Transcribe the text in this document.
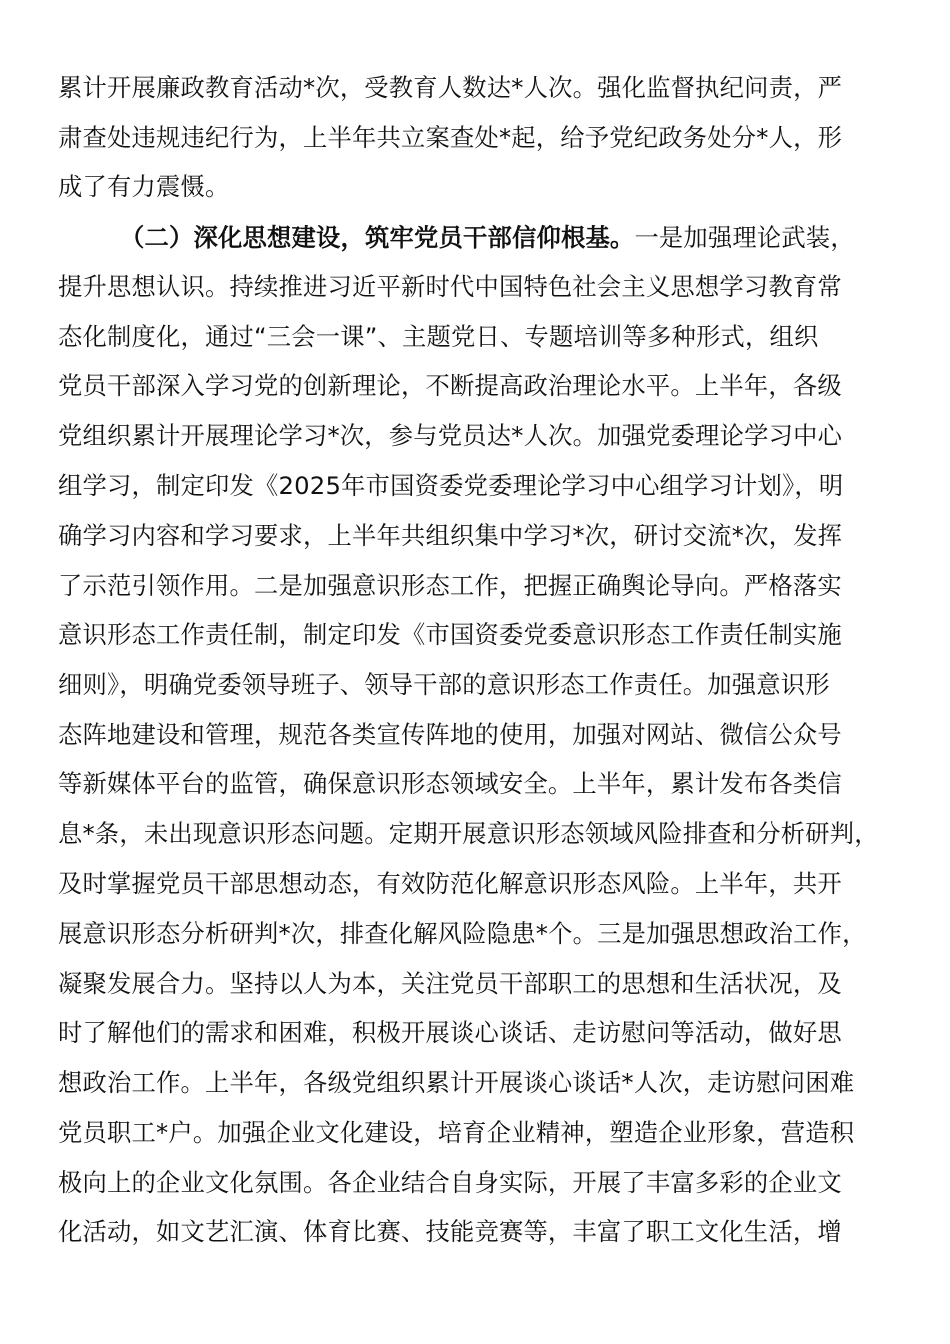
累计开展廉政教育活动*次，受教育人数达*人次。强化监督执纪问责，严
肃查处违规违纪行为，上半年共立案查处*起，给予党纪政务处分*人，形
成了有力震慑。
（二）深化思想建设，筑牢党员干部信仰根基。一是加强理论武装，
提升思想认识。持续推进习近平新时代中国特色社会主义思想学习教育常
态化制度化，通过“三会一课”、主题党日、专题培训等多种形式，组织
党员干部深入学习党的创新理论，不断提高政治理论水平。上半年，各级
党组织累计开展理论学习*次，参与党员达*人次。加强党委理论学习中心
组学习，制定印发《2025年市国资委党委理论学习中心组学习计划》，明
确学习内容和学习要求，上半年共组织集中学习*次，研讨交流*次，发挥
了示范引领作用。二是加强意识形态工作，把握正确舆论导向。严格落实
意识形态工作责任制，制定印发《市国资委党委意识形态工作责任制实施
细则》，明确党委领导班子、领导干部的意识形态工作责任。加强意识形
态阵地建设和管理，规范各类宣传阵地的使用，加强对网站、微信公众号
等新媒体平台的监管，确保意识形态领域安全。上半年，累计发布各类信
息*条，未出现意识形态问题。定期开展意识形态领域风险排查和分析研判，
及时掌握党员干部思想动态，有效防范化解意识形态风险。上半年，共开
展意识形态分析研判*次，排查化解风险隐患*个。三是加强思想政治工作，
凝聚发展合力。坚持以人为本，关注党员干部职工的思想和生活状况，及
时了解他们的需求和困难，积极开展谈心谈话、走访慰问等活动，做好思
想政治工作。上半年，各级党组织累计开展谈心谈话*人次，走访慰问困难
党员职工*户。加强企业文化建设，培育企业精神，塑造企业形象，营造积
极向上的企业文化氛围。各企业结合自身实际，开展了丰富多彩的企业文
化活动，如文艺汇演、体育比赛、技能竞赛等，丰富了职工文化生活，增
